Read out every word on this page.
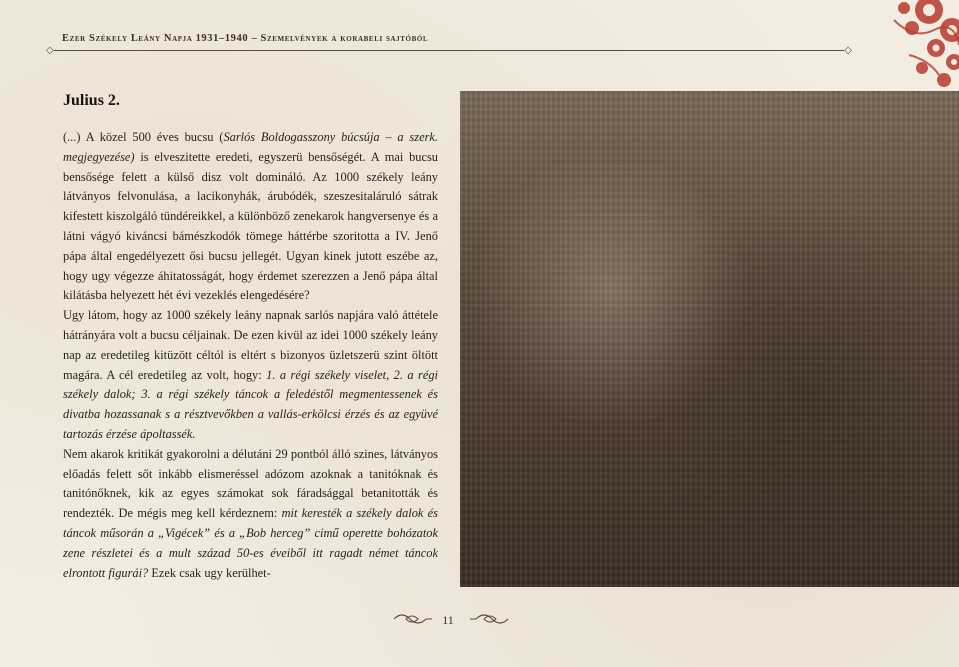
Ezer Székely Leány Napja 1931–1940 – Szemelvények a korabeli sajtóból
◇	◇
Julius 2.

(...) A közel 500 éves bucsu (Sarlós Boldogasszony búcsúja – a szerk. megjegyezése) is elveszitette eredeti, egyszerü bensőségét. A mai bucsu bensősége felett a külső disz volt domináló. Az 1000 székely leány látványos felvonulása, a lacikonyhák, árubódék, szeszesitaláruló sátrak kifestett kiszolgáló tündéreikkel, a különböző zenekarok hangversenye és a látni vágyó kiváncsi bámészkodók tömege háttérbe szoritotta a IV. Jenő pápa által engedélyezett ősi bucsu jellegét. Ugyan kinek jutott eszébe az, hogy ugy végezze áhitatosságát, hogy érdemet szerezzen a Jenő pápa által kilátásba helyezett hét évi vezeklés elengedésére?

Ugy látom, hogy az 1000 székely leány napnak sarlós napjára való áttétele hátrányára volt a bucsu céljainak. De ezen kivül az idei 1000 székely leány nap az eredetileg kitüzött céltól is eltért s bizonyos üzletszerü szint öltött magára. A cél eredetileg az volt, hogy: 1. a régi székely viselet, 2. a régi székely dalok; 3. a régi székely táncok a feledéstől megmentessenek és divatba hozassanak s a résztvevőkben a vallás-erkölcsi érzés és az együvé tartozás érzése ápoltassék.

Nem akarok kritikát gyakorolni a délutáni 29 pontból álló szines, látványos előadás felett sőt inkább elismeréssel adózom azoknak a tanitóknak és tanitónőknek, kik az egyes számokat sok fáradsággal betanitották és rendezték. De mégis meg kell kérdeznem: mit keresték a székely dalok és táncok műsorán a „Vigécek” és a „Bob herceg” cimű operette bohózatok zene részletei és a mult század 50-es éveiből itt ragadt német táncok elrontott figurái? Ezek csak ugy kerülhet-

11
